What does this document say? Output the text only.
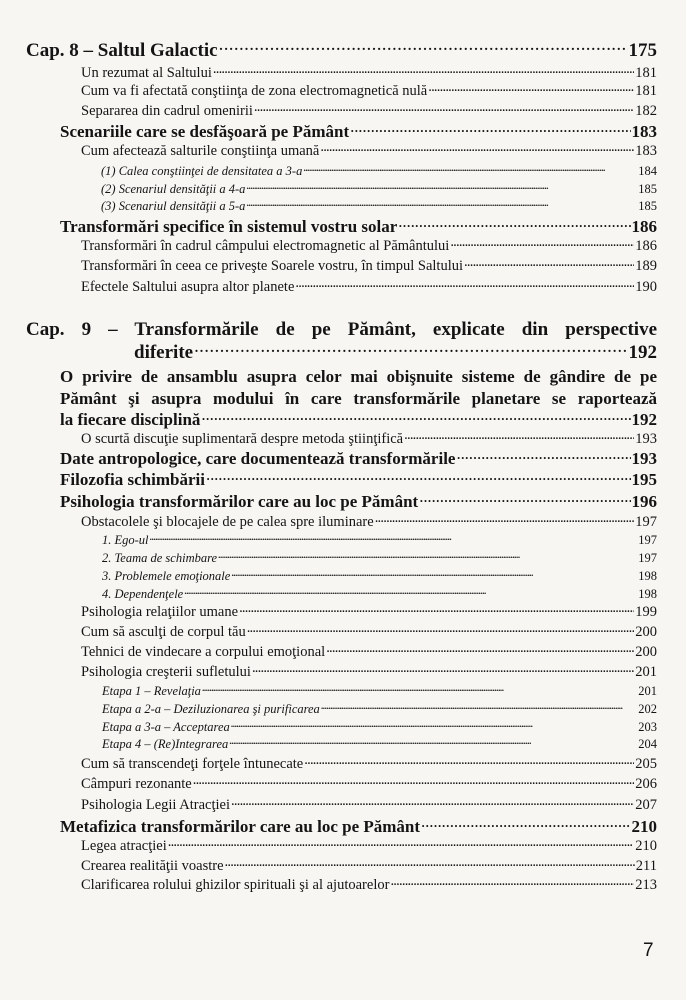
Cap. 8 – Saltul Galactic . . .	175
Un rezumat al Saltului . . .	181
Cum va fi afectată conştiinţa de zona electromagnetică nulă . . .	181
Separarea din cadrul omenirii . . .	182
Scenariile care se desfăşoară pe Pământ . . .	183
Cum afectează salturile conştiinţa umană . . .	183
(1) Calea conştiinţei de densitatea a 3-a . . .	184
(2) Scenariul densităţii a 4-a . . .	185
(3) Scenariul densităţii a 5-a . . .	185
Transformări specifice în sistemul vostru solar . . .	186
Transformări în cadrul câmpului electromagnetic al Pământului . . .	186
Transformări în ceea ce priveşte Soarele vostru, în timpul Saltului . . .	189
Efectele Saltului asupra altor planete . . .	190
Cap. 9 – Transformările de pe Pământ, explicate din perspective
diferite . . .	192
O privire de ansamblu asupra celor mai obişnuite sisteme de gândire de pe
Pământ şi asupra modului în care transformările planetare se raportează
la fiecare disciplină . . .	192
O scurtă discuţie suplimentară despre metoda ştiinţifică . . .	193
Date antropologice, care documentează transformările . . .	193
Filozofia schimbării . . .	195
Psihologia transformărilor care au loc pe Pământ . . .	196
Obstacolele şi blocajele de pe calea spre iluminare . . .	197
1. Ego-ul . . .	197
2. Teama de schimbare . . .	197
3. Problemele emoţionale . . .	198
4. Dependenţele . . .	198
Psihologia relaţiilor umane . . .	199
Cum să asculţi de corpul tău . . .	200
Tehnici de vindecare a corpului emoţional . . .	200
Psihologia creşterii sufletului . . .	201
Etapa 1 – Revelaţia . . .	201
Etapa a 2-a – Deziluzionarea şi purificarea . . .	202
Etapa a 3-a – Acceptarea . . .	203
Etapa 4 – (Re)Integrarea . . .	204
Cum să transcendeţi forţele întunecate . . .	205
Câmpuri rezonante . . .	206
Psihologia Legii Atracţiei . . .	207
Metafizica transformărilor care au loc pe Pământ . . .	210
Legea atracţiei . . .	210
Crearea realităţii voastre . . .	211
Clarificarea rolului ghizilor spirituali şi al ajutoarelor . . .	213
7
